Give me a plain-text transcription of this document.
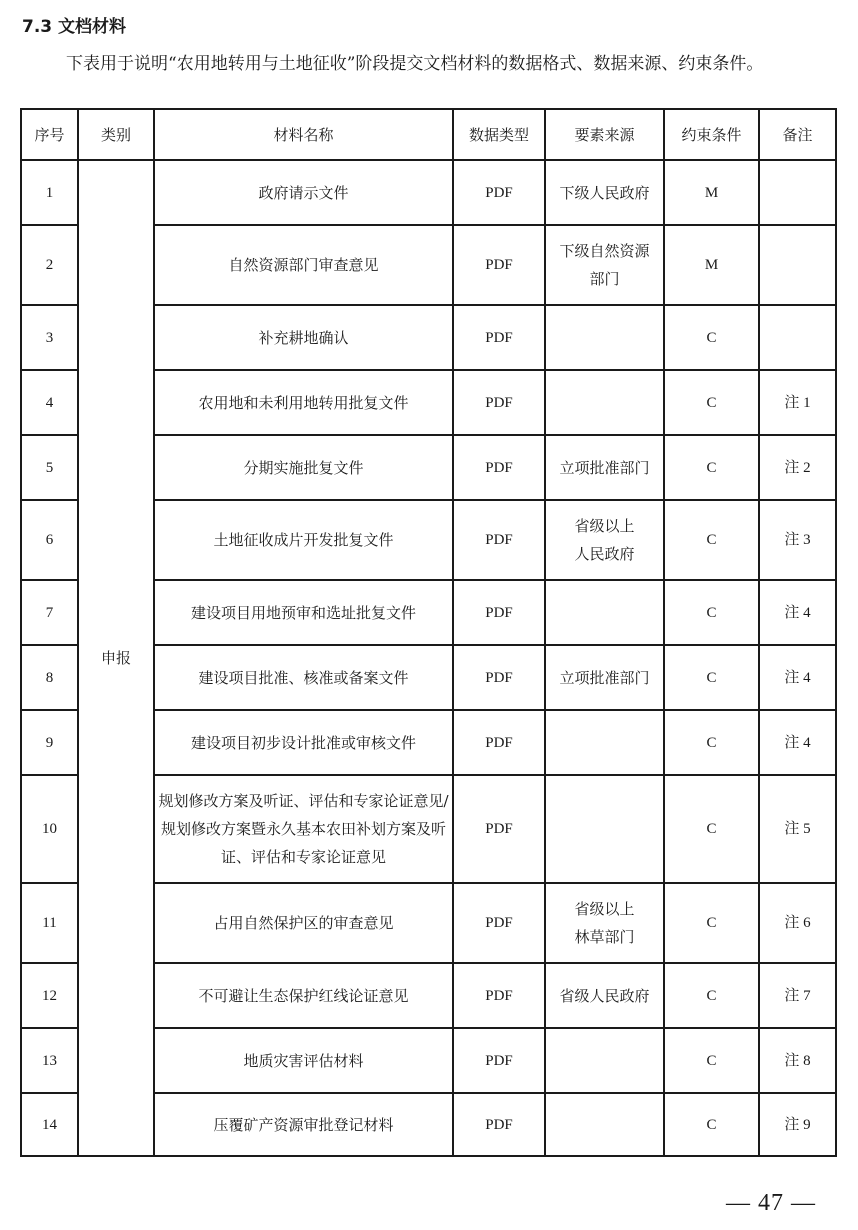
7.3 文档材料
下表用于说明“农用地转用与土地征收”阶段提交文档材料的数据格式、数据来源、约束条件。
序号	类别	材料名称	数据类型	要素来源	约束条件	备注
1	申报	政府请示文件	PDF	下级人民政府	M	
2		自然资源部门审查意见	PDF	下级自然资源部门	M	
3		补充耕地确认	PDF		C	
4		农用地和未利用地转用批复文件	PDF		C	注 1
5		分期实施批复文件	PDF	立项批准部门	C	注 2
6		土地征收成片开发批复文件	PDF	省级以上人民政府	C	注 3
7		建设项目用地预审和选址批复文件	PDF		C	注 4
8		建设项目批准、核准或备案文件	PDF	立项批准部门	C	注 4
9		建设项目初步设计批准或审核文件	PDF		C	注 4
10		规划修改方案及听证、评估和专家论证意见/规划修改方案暨永久基本农田补划方案及听证、评估和专家论证意见	PDF		C	注 5
11		占用自然保护区的审查意见	PDF	省级以上林草部门	C	注 6
12		不可避让生态保护红线论证意见	PDF	省级人民政府	C	注 7
13		地质灾害评估材料	PDF		C	注 8
14		压覆矿产资源审批登记材料	PDF		C	注 9
— 47 —
